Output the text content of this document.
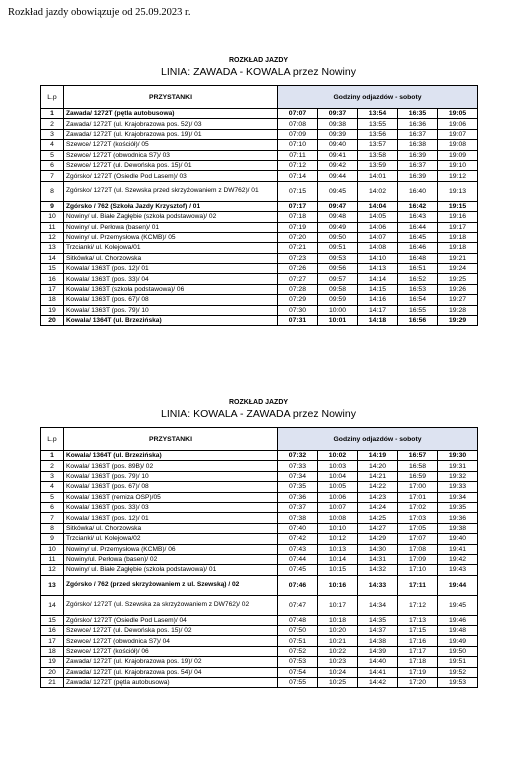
Rozkład jazdy obowiązuje od 25.09.2023 r.
ROZKŁAD JAZDY
LINIA: ZAWADA - KOWALA przez Nowiny
L.p	PRZYSTANKI	Godziny odjazdów - soboty				
1	Zawada/ 1272T (pętla autobusowa)	07:07	09:37	13:54	16:35	19:05
2	Zawada/ 1272T (ul. Krajobrazowa pos. 52)/ 03	07:08	09:38	13:55	16:36	19:06
3	Zawada/ 1272T (ul. Krajobrazowa pos. 19)/ 01	07:09	09:39	13:56	16:37	19:07
4	Szewce/ 1272T (kościół)/ 05	07:10	09:40	13:57	16:38	19:08
5	Szewce/ 1272T (obwodnica S7)/ 03	07:11	09:41	13:58	16:39	19:09
6	Szewce/ 1272T (ul. Dewońska pos. 15)/ 01	07:12	09:42	13:59	16:37	19:10
7	Zgórsko/ 1272T (Osiedle Pod Lasem)/ 03	07:14	09:44	14:01	16:39	19:12
8	Zgórsko/ 1272T (ul. Szewska przed skrzyżowaniem z DW762)/ 01	07:15	09:45	14:02	16:40	19:13
9	Zgórsko / 762 (Szkoła Jazdy Krzysztof) / 01	07:17	09:47	14:04	16:42	19:15
10	Nowiny/ ul. Białe Zagłębie (szkoła podstawowa)/ 02	07:18	09:48	14:05	16:43	19:16
11	Nowiny/ ul. Perłowa (basen)/ 01	07:19	09:49	14:06	16:44	19:17
12	Nowiny/ ul. Przemysłowa (KCMB)/ 05	07:20	09:50	14:07	16:45	19:18
13	Trzcianki/ ul. Kolejowa/01	07:21	09:51	14:08	16:46	19:18
14	Sitkówka/ ul. Chorzowska	07:23	09:53	14:10	16:48	19:21
15	Kowala/ 1363T (pos. 12)/ 01	07:26	09:56	14:13	16:51	19:24
16	Kowala/ 1363T (pos. 33)/ 04	07:27	09:57	14:14	16:52	19:25
17	Kowala/ 1363T (szkoła podstawowa)/ 06	07:28	09:58	14:15	16:53	19:26
18	Kowala/ 1363T (pos. 67)/ 08	07:29	09:59	14:16	16:54	19:27
19	Kowala/ 1363T (pos. 79)/ 10	07:30	10:00	14:17	16:55	19:28
20	Kowala/ 1364T (ul. Brzezińska)	07:31	10:01	14:18	16:56	19:29
ROZKŁAD JAZDY
LINIA: KOWALA - ZAWADA przez Nowiny
L.p	PRZYSTANKI	Godziny odjazdów - soboty				
1	Kowala/ 1364T (ul. Brzezińska)	07:32	10:02	14:19	16:57	19:30
2	Kowala/ 1363T (pos. 89B)/ 02	07:33	10:03	14:20	16:58	19:31
3	Kowala/ 1363T (pos. 79)/ 10	07:34	10:04	14:21	16:59	19:32
4	Kowala/ 1363T (pos. 67)/ 08	07:35	10:05	14:22	17:00	19:33
5	Kowala/ 1363T (remiza OSP)/05	07:36	10:06	14:23	17:01	19:34
6	Kowala/ 1363T (pos. 33)/ 03	07:37	10:07	14:24	17:02	19:35
7	Kowala/ 1363T (pos. 12)/ 01	07:38	10:08	14:25	17:03	19:36
8	Sitkówka/ ul. Chorzowska	07:40	10:10	14:27	17:05	19:38
9	Trzcianki/ ul. Kolejowa/02	07:42	10:12	14:29	17:07	19:40
10	Nowiny/ ul. Przemysłowa (KCMB)/ 06	07:43	10:13	14:30	17:08	19:41
11	Nowiny/ul. Perłowa (basen)/ 02	07:44	10:14	14:31	17:09	19:42
12	Nowiny/ ul. Białe Zagłębie (szkoła podstawowa)/ 01	07:45	10:15	14:32	17:10	19:43
13	Zgórsko / 762 (przed skrzyżowaniem z ul. Szewską) / 02	07:46	10:16	14:33	17:11	19:44
14	Zgórsko/ 1272T (ul. Szewska za skrzyżowaniem z DW762)/ 02	07:47	10:17	14:34	17:12	19:45
15	Zgórsko/ 1272T (Osiedle Pod Lasem)/ 04	07:48	10:18	14:35	17:13	19:46
16	Szewce/ 1272T (ul. Dewońska pos. 15)/ 02	07:50	10:20	14:37	17:15	19:48
17	Szewce/ 1272T (obwodnica S7)/ 04	07:51	10:21	14:38	17:16	19:49
18	Szewce/ 1272T (kościół)/ 06	07:52	10:22	14:39	17:17	19:50
19	Zawada/ 1272T (ul. Krajobrazowa pos. 19)/ 02	07:53	10:23	14:40	17:18	19:51
20	Zawada/ 1272T (ul. Krajobrazowa pos. 54)/ 04	07:54	10:24	14:41	17:19	19:52
21	Zawada/ 1272T (pętla autobusowa)	07:55	10:25	14:42	17:20	19:53
